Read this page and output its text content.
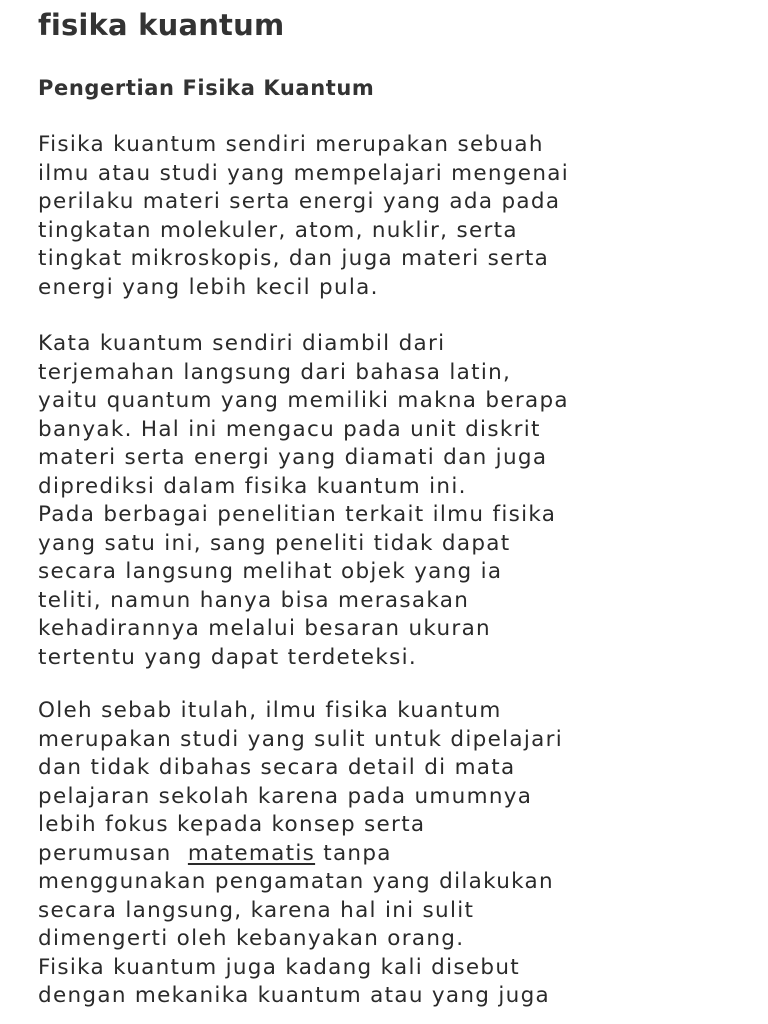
fisika kuantum
Pengertian Fisika Kuantum

Fisika kuantum sendiri merupakan sebuah
ilmu atau studi yang mempelajari mengenai
perilaku materi serta energi yang ada pada
tingkatan molekuler, atom, nuklir, serta
tingkat mikroskopis, dan juga materi serta
energi yang lebih kecil pula.

Kata kuantum sendiri diambil dari
terjemahan langsung dari bahasa latin,
yaitu quantum yang memiliki makna berapa
banyak. Hal ini mengacu pada unit diskrit
materi serta energi yang diamati dan juga
diprediksi dalam fisika kuantum ini.
Pada berbagai penelitian terkait ilmu fisika
yang satu ini, sang peneliti tidak dapat
secara langsung melihat objek yang ia
teliti, namun hanya bisa merasakan
kehadirannya melalui besaran ukuran
tertentu yang dapat terdeteksi.

Oleh sebab itulah, ilmu fisika kuantum
merupakan studi yang sulit untuk dipelajari
dan tidak dibahas secara detail di mata
pelajaran sekolah karena pada umumnya
lebih fokus kepada konsep serta
perumusan  matematis tanpa
menggunakan pengamatan yang dilakukan
secara langsung, karena hal ini sulit
dimengerti oleh kebanyakan orang.
Fisika kuantum juga kadang kali disebut
dengan mekanika kuantum atau yang juga
